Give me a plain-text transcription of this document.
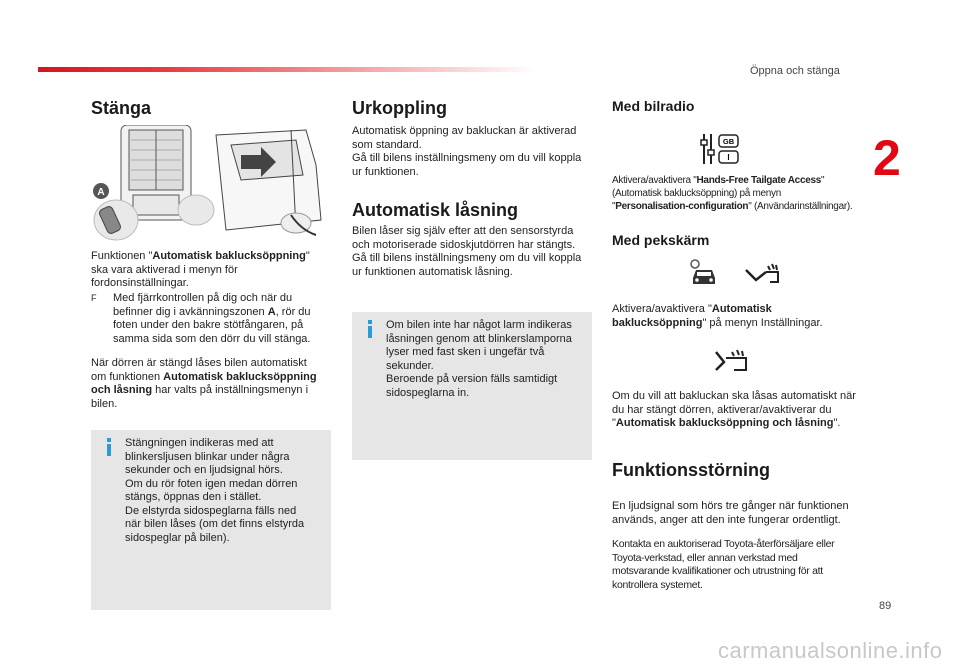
Öppna och stänga
2
Stänga
A
Funktionen "Automatisk baklucksöppning" ska vara aktiverad i menyn för fordonsinställningar.
F	Med fjärrkontrollen på dig och när du befinner dig i avkänningszonen A, rör du foten under den bakre stötfångaren, på samma sida som den dörr du vill stänga.
När dörren är stängd låses bilen automatiskt om funktionen Automatisk baklucksöppning och låsning har valts på inställningsmenyn i bilen.
Stängningen indikeras med att blinkersljusen blinkar under några sekunder och en ljudsignal hörs.
Om du rör foten igen medan dörren stängs, öppnas den i stället.
De elstyrda sidospeglarna fälls ned när bilen låses (om det finns elstyrda sidospeglar på bilen).
Urkoppling
Automatisk öppning av bakluckan är aktiverad som standard.
Gå till bilens inställningsmeny om du vill koppla ur funktionen.
Automatisk låsning
Bilen låser sig själv efter att den sensorstyrda och motoriserade sidoskjutdörren har stängts. Gå till bilens inställningsmeny om du vill koppla ur funktionen automatisk låsning.
Om bilen inte har något larm indikeras låsningen genom att blinkerslamporna lyser med fast sken i ungefär två sekunder.
Beroende på version fälls samtidigt sidospeglarna in.
Med bilradio
GB
I
Aktivera/avaktivera "Hands-Free Tailgate Access" (Automatisk baklucksöppning) på menyn "Personalisation-configuration" (Användarinställningar).
Med pekskärm
Aktivera/avaktivera "Automatisk baklucksöppning" på menyn Inställningar.
Om du vill att bakluckan ska låsas automatiskt när du har stängt dörren, aktiverar/avaktiverar du "Automatisk baklucksöppning och låsning".
Funktionsstörning
En ljudsignal som hörs tre gånger när funktionen används, anger att den inte fungerar ordentligt.
Kontakta en auktoriserad Toyota-återförsäljare eller Toyota-verkstad, eller annan verkstad med motsvarande kvalifikationer och utrustning för att kontrollera systemet.
89
carmanualsonline.info
